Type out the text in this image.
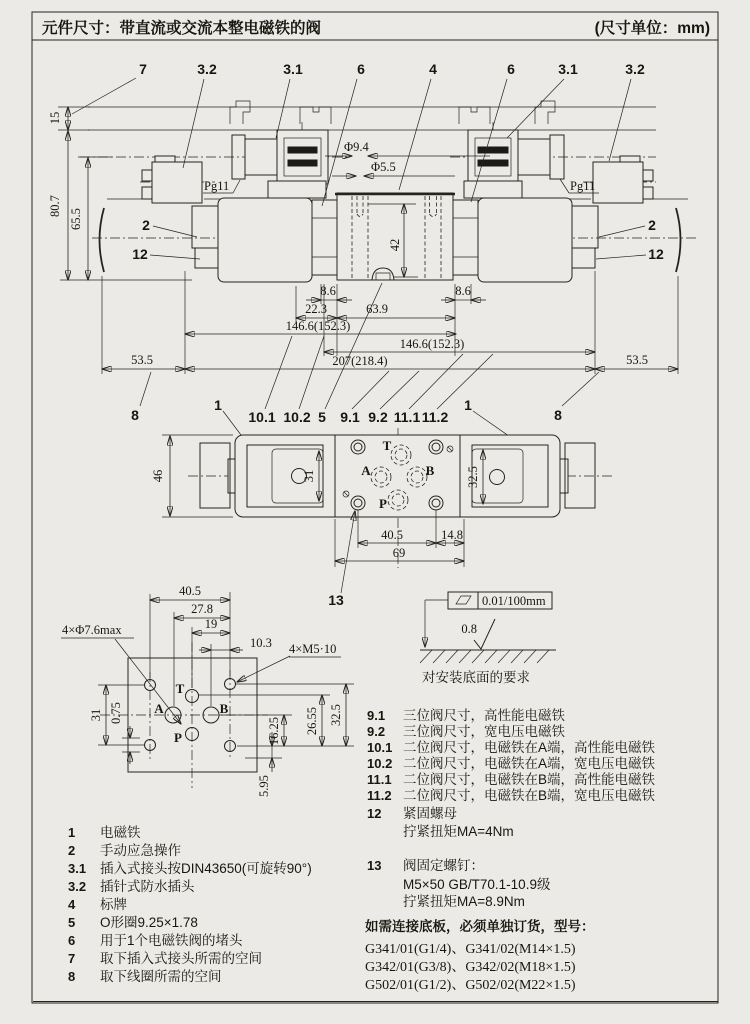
元件尺寸：带直流或交流本整电磁铁的阀	(尺寸单位：mm)
15
80.7
65.5
Φ9.4
Φ5.5
42
8.6	8.6
22.3	63.9
146.6(152.3)
146.6(152.3)
207(218.4)
53.5	53.5
Pg11	Pg11
7	3.2	3.1	6	4	6	3.1	3.2
2
12
2
12
8
1
10.1 10.2 5 9.1 9.2 11.1 11.2
1
8
T
A	B
P
46	31	32.5
40.5	14.8
69
13
T
A	B
P
40.5
27.8
19
10.3
31 0.75
16.25 26.55 32.5
5.95
4×Φ7.6max
4×M5·10
0.01/100mm
0.8
对安装底面的要求
1 电磁铁
2 手动应急操作
3.1 插入式接头按DIN43650(可旋转90°)
3.2 插针式防水插头
4 标牌
5 O形圈9.25×1.78
6 用于1个电磁铁阀的堵头
7 取下插入式接头所需的空间
8 取下线圈所需的空间
9.1 三位阀尺寸，高性能电磁铁
9.2 三位阀尺寸，宽电压电磁铁
10.1 二位阀尺寸，电磁铁在A端，高性能电磁铁
10.2 二位阀尺寸，电磁铁在A端，宽电压电磁铁
11.1 二位阀尺寸，电磁铁在B端，高性能电磁铁
11.2 二位阀尺寸，电磁铁在B端，宽电压电磁铁
12 紧固螺母
拧紧扭矩MA=4Nm
13 阀固定螺钉：
M5×50 GB/T70.1-10.9级
拧紧扭矩MA=8.9Nm
如需连接底板，必须单独订货，型号：
G341/01(G1/4)、G341/02(M14×1.5)
G342/01(G3/8)、G342/02(M18×1.5)
G502/01(G1/2)、G502/02(M22×1.5)
